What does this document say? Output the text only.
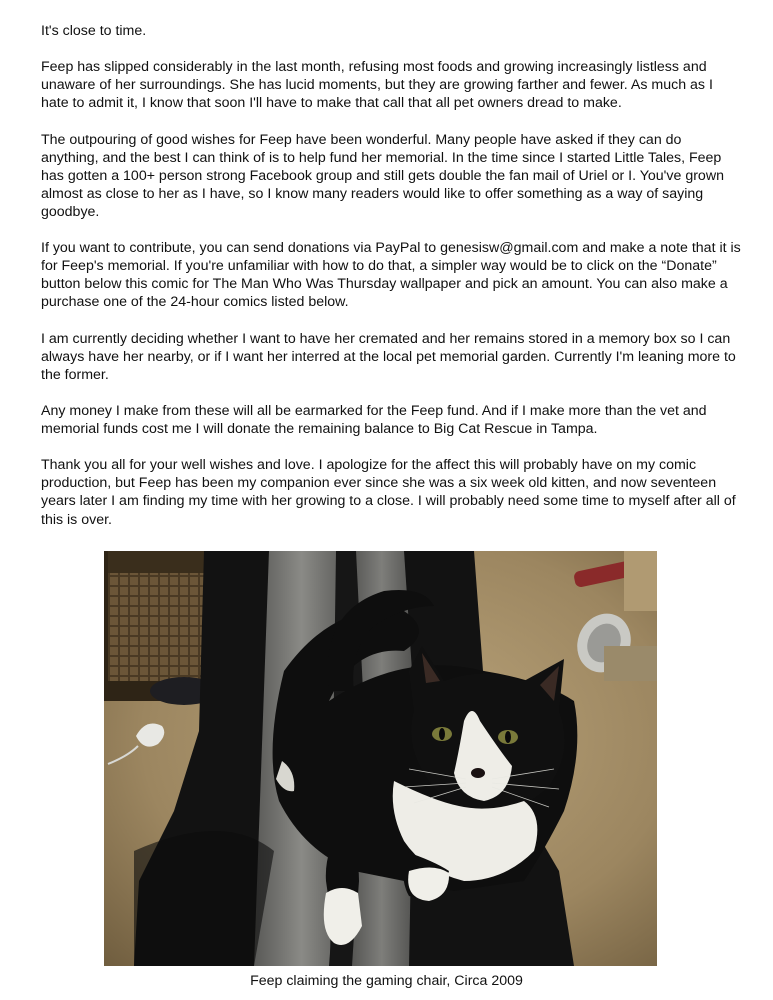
It's close to time.

Feep has slipped considerably in the last month, refusing most foods and growing increasingly listless and unaware of her surroundings. She has lucid moments, but they are growing farther and fewer. As much as I hate to admit it, I know that soon I'll have to make that call that all pet owners dread to make.

The outpouring of good wishes for Feep have been wonderful. Many people have asked if they can do anything, and the best I can think of is to help fund her memorial. In the time since I started Little Tales, Feep has gotten a 100+ person strong Facebook group and still gets double the fan mail of Uriel or I. You've grown almost as close to her as I have, so I know many readers would like to offer something as a way of saying goodbye.

If you want to contribute, you can send donations via PayPal to genesisw@gmail.com and make a note that it is for Feep's memorial. If you're unfamiliar with how to do that, a simpler way would be to click on the “Donate” button below this comic for The Man Who Was Thursday wallpaper and pick an amount. You can also make a purchase one of the 24-hour comics listed below.

I am currently deciding whether I want to have her cremated and her remains stored in a memory box so I can always have her nearby, or if I want her interred at the local pet memorial garden. Currently I'm leaning more to the former.

Any money I make from these will all be earmarked for the Feep fund. And if I make more than the vet and memorial funds cost me I will donate the remaining balance to Big Cat Rescue in Tampa.

Thank you all for your well wishes and love. I apologize for the affect this will probably have on my comic production, but Feep has been my companion ever since she was a six week old kitten, and now seventeen years later I am finding my time with her growing to a close. I will probably need some time to myself after all of this is over.

Feep claiming the gaming chair, Circa 2009
